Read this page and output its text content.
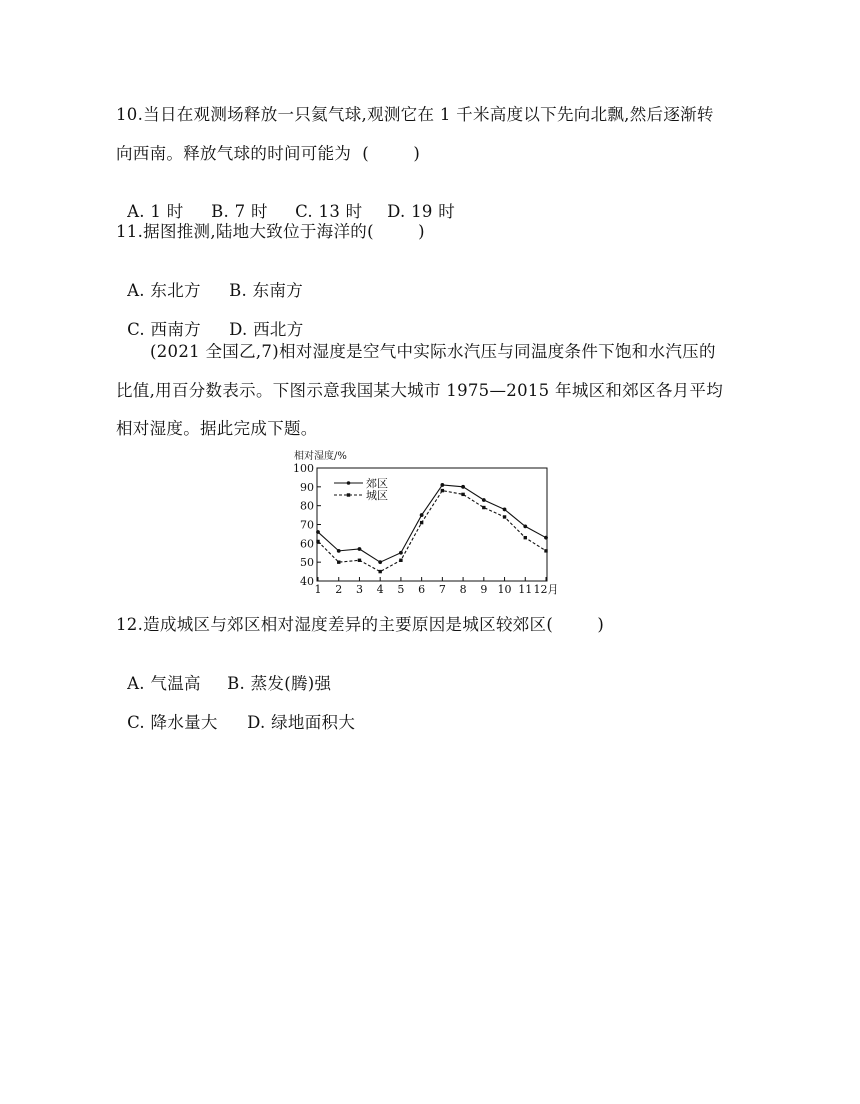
10.当日在观测场释放一只氦气球,观测它在 1 千米高度以下先向北飘,然后逐渐转
向西南。释放气球的时间可能为  (        )

A. 1 时 B. 7 时 C. 13 时 D. 19 时

11.据图推测,陆地大致位于海洋的(        )

A. 东北方 B. 东南方

C. 西南方 D. 西北方

(2021 全国乙,7)相对湿度是空气中实际水汽压与同温度条件下饱和水汽压的
比值,用百分数表示。下图示意我国某大城市 1975—2015 年城区和郊区各月平均
相对湿度。据此完成下题。
相对湿度/%
40
50
60
70
80
90
100
1 2 3 4 5 6 7 8 9 10 11 12月
郊区
城区
12.造成城区与郊区相对湿度差异的主要原因是城区较郊区(        )

A. 气温高 B. 蒸发(腾)强

C. 降水量大 D. 绿地面积大
